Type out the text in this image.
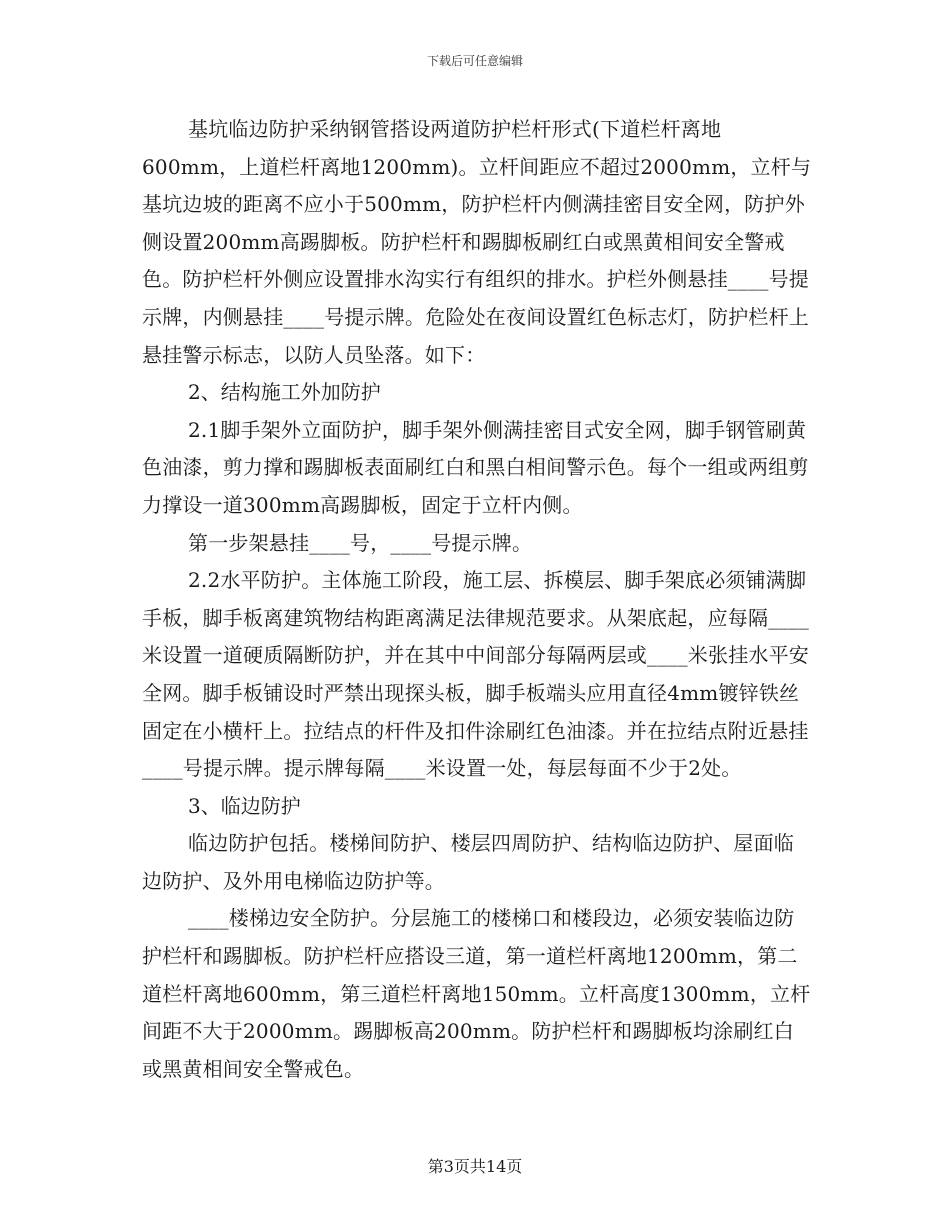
下载后可任意编辑

基坑临边防护采纳钢管搭设两道防护栏杆形式(下道栏杆离地600mm，上道栏杆离地1200mm)。立杆间距应不超过2000mm，立杆与基坑边坡的距离不应小于500mm，防护栏杆内侧满挂密目安全网，防护外侧设置200mm高踢脚板。防护栏杆和踢脚板刷红白或黑黄相间安全警戒色。防护栏杆外侧应设置排水沟实行有组织的排水。护栏外侧悬挂____号提示牌，内侧悬挂____号提示牌。危险处在夜间设置红色标志灯，防护栏杆上悬挂警示标志，以防人员坠落。如下：

2、结构施工外加防护

2.1脚手架外立面防护，脚手架外侧满挂密目式安全网，脚手钢管刷黄色油漆，剪力撑和踢脚板表面刷红白和黑白相间警示色。每个一组或两组剪力撑设一道300mm高踢脚板，固定于立杆内侧。

第一步架悬挂____号，____号提示牌。

2.2水平防护。主体施工阶段，施工层、拆模层、脚手架底必须铺满脚手板，脚手板离建筑物结构距离满足法律规范要求。从架底起，应每隔____米设置一道硬质隔断防护，并在其中中间部分每隔两层或____米张挂水平安全网。脚手板铺设时严禁出现探头板，脚手板端头应用直径4mm镀锌铁丝固定在小横杆上。拉结点的杆件及扣件涂刷红色油漆。并在拉结点附近悬挂____号提示牌。提示牌每隔____米设置一处，每层每面不少于2处。

3、临边防护

临边防护包括。楼梯间防护、楼层四周防护、结构临边防护、屋面临边防护、及外用电梯临边防护等。

____楼梯边安全防护。分层施工的楼梯口和楼段边，必须安装临边防护栏杆和踢脚板。防护栏杆应搭设三道，第一道栏杆离地1200mm，第二道栏杆离地600mm，第三道栏杆离地150mm。立杆高度1300mm，立杆间距不大于2000mm。踢脚板高200mm。防护栏杆和踢脚板均涂刷红白或黑黄相间安全警戒色。

第3页共14页
